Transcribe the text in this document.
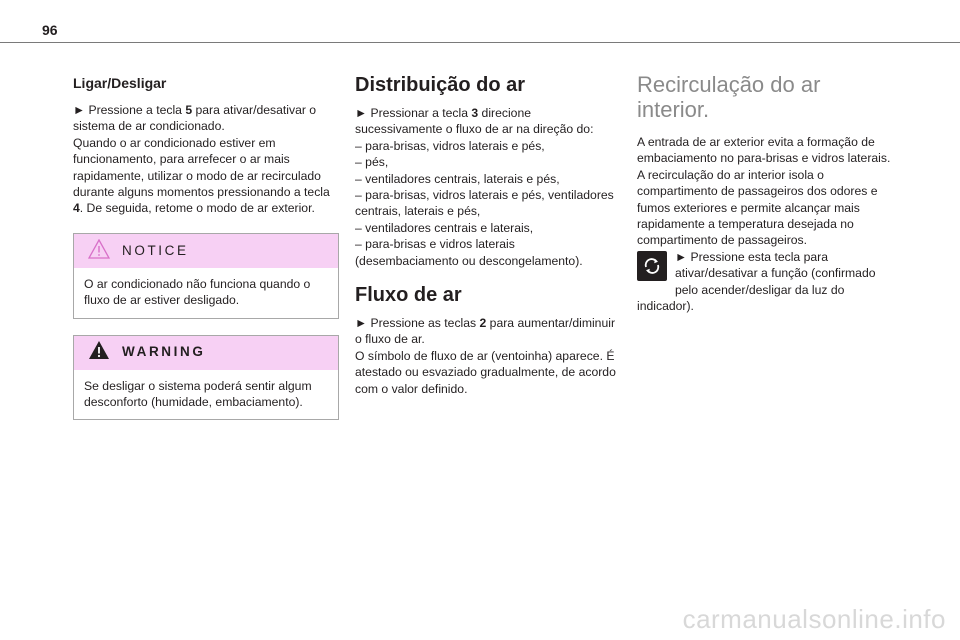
96
Ligar/Desligar

► Pressione a tecla 5 para ativar/desativar o sistema de ar condicionado.

Quando o ar condicionado estiver em funcionamento, para arrefecer o ar mais rapidamente, utilizar o modo de ar recirculado durante alguns momentos pressionando a tecla 4. De seguida, retome o modo de ar exterior.

NOTICE
O ar condicionado não funciona quando o fluxo de ar estiver desligado.
WARNING
Se desligar o sistema poderá sentir algum desconforto (humidade, embaciamento).
Distribuição do ar

► Pressionar a tecla 3 direcione sucessivamente o fluxo de ar na direção do:

– para-brisas, vidros laterais e pés,

– pés,

– ventiladores centrais, laterais e pés,

– para-brisas, vidros laterais e pés, ventiladores centrais, laterais e pés,

– ventiladores centrais e laterais,

– para-brisas e vidros laterais (desembaciamento ou descongelamento).

Fluxo de ar

► Pressione as teclas 2 para aumentar/diminuir o fluxo de ar.

O símbolo de fluxo de ar (ventoinha) aparece. É atestado ou esvaziado gradualmente, de acordo com o valor definido.

Recirculação do ar interior.

A entrada de ar exterior evita a formação de embaciamento no para-brisas e vidros laterais.

A recirculação do ar interior isola o compartimento de passageiros dos odores e fumos exteriores e permite alcançar mais rapidamente a temperatura desejada no compartimento de passageiros.

► Pressione esta tecla para ativar/desativar a função (confirmado pelo acender/desligar da luz do indicador).
carmanualsonline.info
